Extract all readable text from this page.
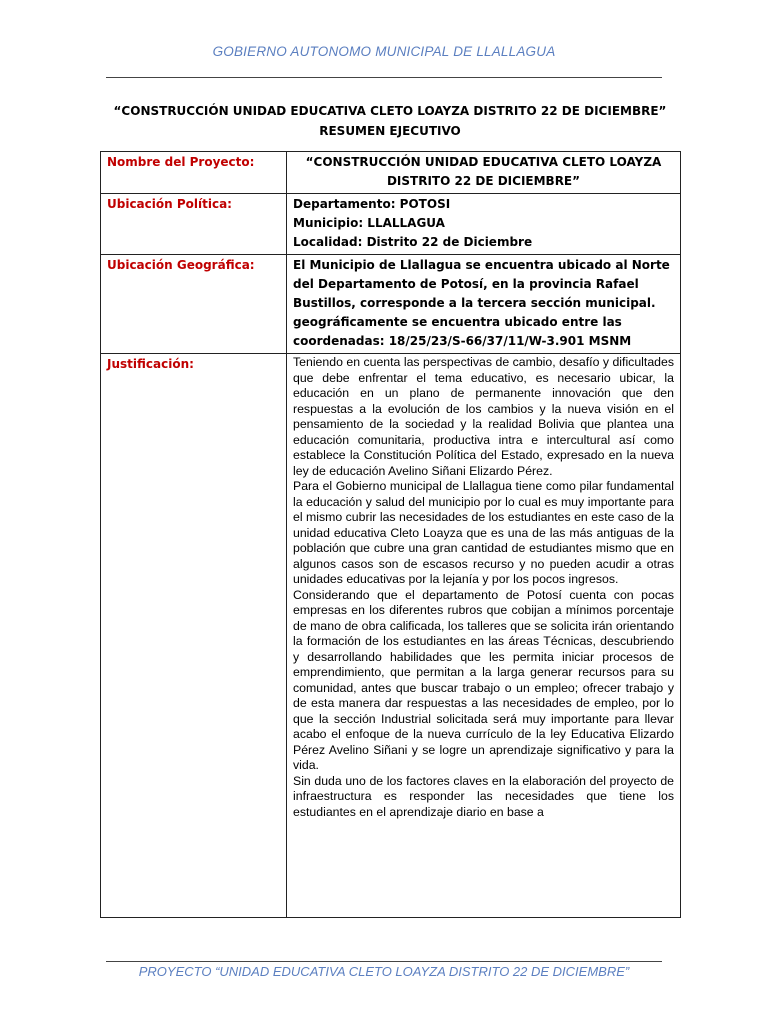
GOBIERNO AUTONOMO MUNICIPAL DE LLALLAGUA
“CONSTRUCCIÓN UNIDAD EDUCATIVA CLETO LOAYZA DISTRITO 22 DE DICIEMBRE”
RESUMEN EJECUTIVO
Nombre del Proyecto:	“CONSTRUCCIÓN UNIDAD EDUCATIVA CLETO LOAYZA
DISTRITO 22 DE DICIEMBRE”

Ubicación Política:	Departamento: POTOSI
Municipio: LLALLAGUA
Localidad: Distrito 22 de Diciembre

Ubicación Geográfica:	El Municipio de Llallagua se encuentra ubicado al Norte
del Departamento de Potosí, en la provincia Rafael
Bustillos, corresponde a la tercera sección municipal.
geográficamente se encuentra ubicado entre las
coordenadas: 18/25/23/S-66/37/11/W-3.901 MSNM

Justificación:	Teniendo en cuenta las perspectivas de cambio, desafío y dificultades que debe enfrentar el tema educativo, es necesario ubicar, la educación en un plano de permanente innovación que den respuestas a la evolución de los cambios y la nueva visión en el pensamiento de la sociedad y la realidad Bolivia que plantea una educación comunitaria, productiva intra e intercultural así como establece la Constitución Política del Estado, expresado en la nueva ley de educación Avelino Siñani Elizardo Pérez.

Para el Gobierno municipal de Llallagua tiene como pilar fundamental la educación y salud del municipio por lo cual es muy importante para el mismo cubrir las necesidades de los estudiantes en este caso de la unidad educativa Cleto Loayza que es una de las más antiguas de la población que cubre una gran cantidad de estudiantes mismo que en algunos casos son de escasos recurso y no pueden acudir a otras unidades educativas por la lejanía y por los pocos ingresos.

Considerando que el departamento de Potosí cuenta con pocas empresas en los diferentes rubros que cobijan a mínimos porcentaje de mano de obra calificada, los talleres que se solicita irán orientando la formación de los estudiantes en las áreas Técnicas, descubriendo y desarrollando habilidades que les permita iniciar procesos de emprendimiento, que permitan a la larga generar recursos para su comunidad, antes que buscar trabajo o un empleo; ofrecer trabajo y de esta manera dar respuestas a las necesidades de empleo, por lo que la sección Industrial solicitada será muy importante para llevar acabo el enfoque de la nueva currículo de la ley Educativa Elizardo Pérez Avelino Siñani y se logre un aprendizaje significativo y para la vida.

Sin duda uno de los factores claves en la elaboración del proyecto de infraestructura es responder las necesidades que tiene los estudiantes en el aprendizaje diario en base a

PROYECTO “UNIDAD EDUCATIVA CLETO LOAYZA DISTRITO 22 DE DICIEMBRE”
